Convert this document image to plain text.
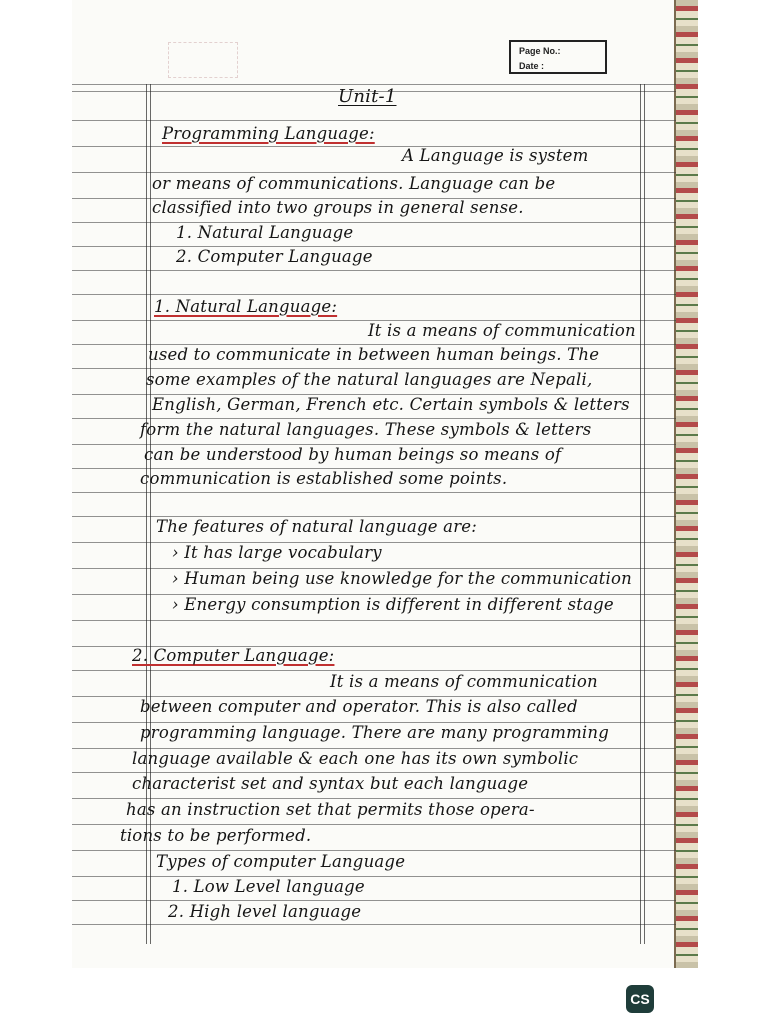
Page No.:
Date :
Unit-1
Programming Language:
A Language is system
or means of communications. Language can be
classified into two groups in general sense.
1. Natural Language
2. Computer Language
1. Natural Language:
It is a means of communication
used to communicate in between human beings. The
some examples of the natural languages are Nepali,
English, German, French etc. Certain symbols & letters
form the natural languages. These symbols & letters
can be understood by human beings so means of
communication is established some points.
The features of natural language are:
› It has large vocabulary
› Human being use knowledge for the communication
› Energy consumption is different in different stage
2. Computer Language:
It is a means of communication
between computer and operator. This is also called
programming language. There are many programming
language available & each one has its own symbolic
characterist set and syntax but each language
has an instruction set that permits those opera-
tions to be performed.
Types of computer Language
1. Low Level language
2. High level language
CS
